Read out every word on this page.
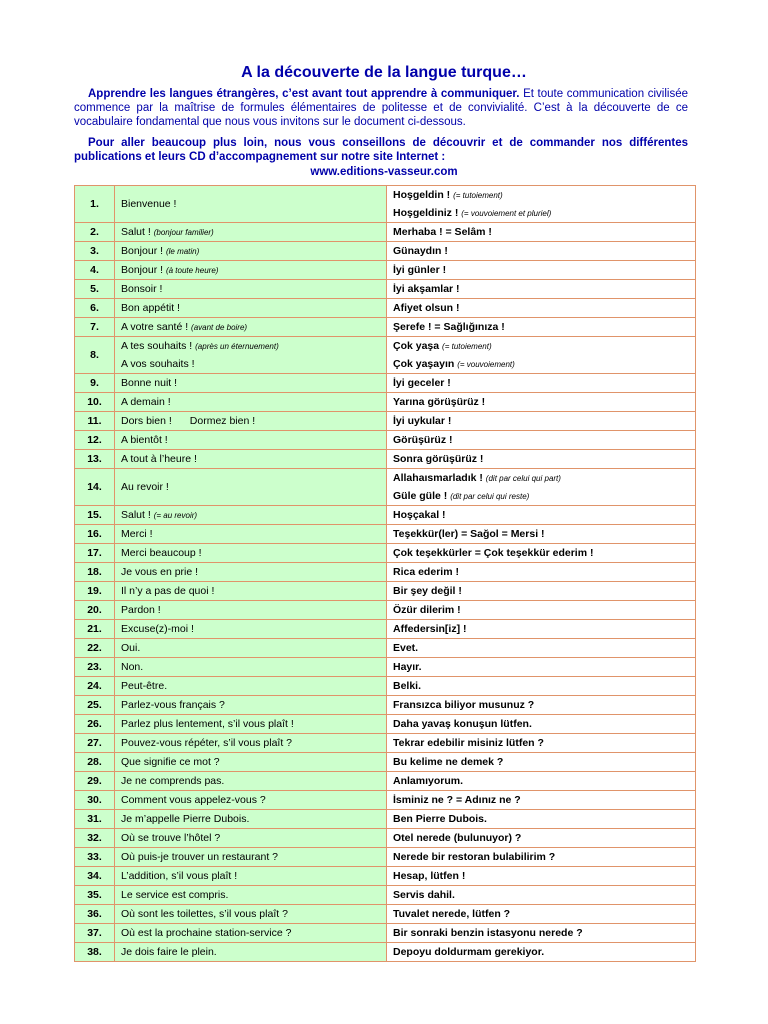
A la découverte de la langue turque…
Apprendre les langues étrangères, c’est avant tout apprendre à communiquer. Et toute communication civilisée commence par la maîtrise de formules élémentaires de politesse et de convivialité. C’est à la découverte de ce vocabulaire fondamental que nous vous invitons sur le document ci-dessous.
Pour aller beaucoup plus loin, nous vous conseillons de découvrir et de commander nos différentes publications et leurs CD d’accompagnement sur notre site Internet :
www.editions-vasseur.com
1.	Bienvenue !	Hoşgeldin ! (= tutoiement)
Hoşgeldiniz ! (= vouvoiement et pluriel)

2.	Salut ! (bonjour familier)	Merhaba ! = Selâm !

3.	Bonjour ! (le matin)	Günaydın !

4.	Bonjour ! (à toute heure)	İyi günler !

5.	Bonsoir !	İyi akşamlar !

6.	Bon appétit !	Afiyet olsun !

7.	A votre santé ! (avant de boire)	Şerefe ! = Sağlığınıza !

8.	A tes souhaits ! (après un éternuement)
A vos souhaits !	Çok yaşa (= tutoiement)
Çok yaşayın (= vouvoiement)

9.	Bonne nuit !	İyi geceler !

10.	A demain !	Yarına görüşürüz !

11.	Dors bien ! Dormez bien !	İyi uykular !

12.	A bientôt !	Görüşürüz !

13.	A tout à l’heure !	Sonra görüşürüz !

14.	Au revoir !	Allahaısmarladık ! (dit par celui qui part)
Güle güle ! (dit par celui qui reste)

15.	Salut ! (= au revoir)	Hoşçakal !

16.	Merci !	Teşekkür(ler) = Sağol = Mersi !

17.	Merci beaucoup !	Çok teşekkürler = Çok teşekkür ederim !

18.	Je vous en prie !	Rica ederim !

19.	Il n’y a pas de quoi !	Bir şey değil !

20.	Pardon !	Özür dilerim !

21.	Excuse(z)-moi !	Affedersin[iz] !

22.	Oui.	Evet.

23.	Non.	Hayır.

24.	Peut-être.	Belki.

25.	Parlez-vous français ?	Fransızca biliyor musunuz ?

26.	Parlez plus lentement, s’il vous plaît !	Daha yavaş konuşun lütfen.

27.	Pouvez-vous répéter, s’il vous plaît ?	Tekrar edebilir misiniz lütfen ?

28.	Que signifie ce mot ?	Bu kelime ne demek ?

29.	Je ne comprends pas.	Anlamıyorum.

30.	Comment vous appelez-vous ?	İsminiz ne ? = Adınız ne ?

31.	Je m’appelle Pierre Dubois.	Ben Pierre Dubois.

32.	Où se trouve l’hôtel ?	Otel nerede (bulunuyor) ?

33.	Où puis-je trouver un restaurant ?	Nerede bir restoran bulabilirim ?

34.	L’addition, s’il vous plaît !	Hesap, lütfen !

35.	Le service est compris.	Servis dahil.

36.	Où sont les toilettes, s’il vous plaît ?	Tuvalet nerede, lütfen ?

37.	Où est la prochaine station-service ?	Bir sonraki benzin istasyonu nerede ?

38.	Je dois faire le plein.	Depoyu doldurmam gerekiyor.
